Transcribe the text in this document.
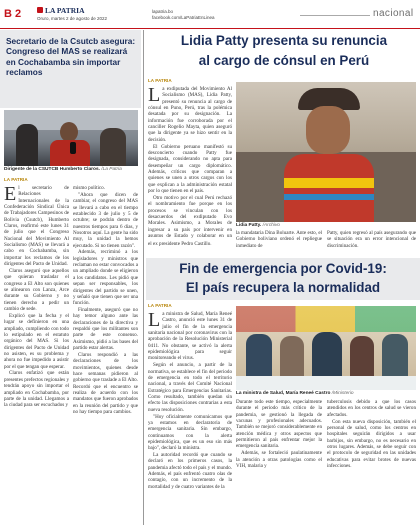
B 2	LA PATRIA
Oruro, martes 2 de agosto de 2022
lapatria.bo
facebook.com/LaPatriaEnLinea	nacional
Secretario de la Csutcb asegura: Congreso del MAS se realizará en Cochabamba sin importar reclamos
Dirigente de la CSUTCB Humberto Claros. /La Patria
LA PATRIA

El secretario de Relaciones Internacionales de la Confederación Sindical Única de Trabajadores Campesinos de Bolivia (Csutcb), Humberto Claros, reafirmó este lunes 31 de julio que el Congreso Nacional del Movimiento Al Socialismo (MAS) se llevará a cabo en Cochabamba, sin importar los reclamos de los dirigentes del Pacto de Unidad.

Claros aseguró que aquellos que quieran trasladar el congreso a El Alto son quienes se alinearon con Lanza, Arce durante su Gobierno y no tienen derecho a pedir un cambio de sede.

Explicó que la fecha y el lugar se definieron en una ampliado, cumpliendo con todo lo estipulado en el estatuto orgánico del MAS. Si los dirigentes del Pacto de Unidad no asisten, es su problema y ahora no fue impedido a asistir por el que tengan que esperar.

Claros enfatizó que están presentes prefectos regionales y tendrán apoyo sin importar el ampliado en Cochabamba, por parte de la unidad. Llegamos a la ciudad para ser escuchados y

mismo político.

"Ahora que dicen de cambiar, el congreso del MAS se llevará a cabo en el tiempo establecido 3 de julio y 5 de octubre; se podrán dentro de nuestros tiempos para 6 días, y Nosotros aquí. La gente ha sido muy, la unidad la hemos ejecutado. Si no tienen razón".

Además, recriminó a los legisladores y ministros que reclaman no estar convocados a un ampliado donde se eligieron a los candidatos. Les pidió que sepan ser responsables, los dirigentes del partido se unen, y señaló que tienen que ser una función.

Finalmente, aseguró que no hay temor alguno ante las declaraciones de la directiva y respaldó que los militantes son parte de este consenso. Asimismo, pidió a las bases del partido estar alertas.

Claros respondió a las declaraciones de los movimientos, quienes desde hace semanas pidieron al gobierno que traslade a El Alto. Recordó que el encuentro se realiza de acuerdo con los mandatos que fueron aprobados en la reunión del partido y que no hay tiempo para cambios.

Lidia Patty presenta su renuncia
al cargo de cónsul en Perú
LA PATRIA

La exdiputada del Movimiento Al Socialismo (MAS), Lidia Patty, presentó su renuncia al cargo de cónsul en Puno, Perú, tras la polémica desatada por su designación. La información fue corroborada por el canciller Rogelio Mayta, quien aseguró que la dirigente ya se hizo sentir en la decisión.

El Gobierno peruano manifestó su desconcierto cuando Patty fue designada, considerando no apta para desempeñar un cargo diplomático. Además, críticos que comparan a quienes se unen a otros cargos con los que explican a la administración estatal por lo que tienen en el país.

Otro motivo por el cual Perú rechazó el nombramiento fue porque en los procesos se vinculan con los desacuerdos del exdiputado Evo Morales. Asimismo, a Morales de ingresar a su país por intervenir en asuntos de Estado y colaborar en un

Lidia Patty. /Archivo

la mandataria Dina Boluarte. Ante esto, el Gobierno boliviano ordenó el repliegue inmediato de

Patty, quien regresó al país asegurando que se situación era un error intencional de discriminación.

el ex presidente Pedro Castillo.

Fin de emergencia por Covid-19:
El país recupera la normalidad
LA PATRIA

La ministra de Salud, María Reneé Castro, anunció este lunes 31 de julio el fin de la emergencia sanitaria nacional por coronavirus con la aprobación de la Resolución Ministerial 0411. No obstante, se activó la alerta epidemiológica para seguir monitoreando el virus.

Según el anuncio, a partir de la normativa, se establece el fin del periodo de emergencia en todo el territorio nacional, a través del Comité Nacional Estratégico para Emergencias Sanitarias. Como resultado, también quedan sin efecto las disposiciones contrarias a esta nueva resolución.

"Hoy oficialmente comunicamos que ya estamos en declaratoria de emergencia sanitaria. Sin embargo, continuamos con la alerta epidemiológica, que es un eso sin más bajo", declaró la ministra.

La autoridad recordó que cuando se declaró en los primeros casos, la pandemia afectó todo el país y el mundo. Además, el país enfrentó cuatro olas de contagio, con un incremento de la mortalidad y de cuatro variantes de la

La ministra de Salud, María Reneé Castro /Ministerio

Durante todo este tiempo, especialmente durante el periodo más crítico de la pandemia, se gestionó la llegada de vacunas y profesionales adecuados. También se mejoró considerablemente en atención médica y otros aspectos que permitieron al país enfrentar mejor la emergencia sanitaria.

Además, se fortaleció paulatinamente la atención a otras patologías como el VIH, malaria y

tuberculosis debido a que los casos atendidos en los centros de salud se vieron afectados.

Con esta nueva disposición, también el personal de salud, como los centros en hospitales seguirán dirigidos a usar barbijos, sin embargo, no es necesario en otros lugares. Además, se debe seguir con el protocolo de seguridad en las unidades educativas para evitar brotes de nuevas infecciones.
